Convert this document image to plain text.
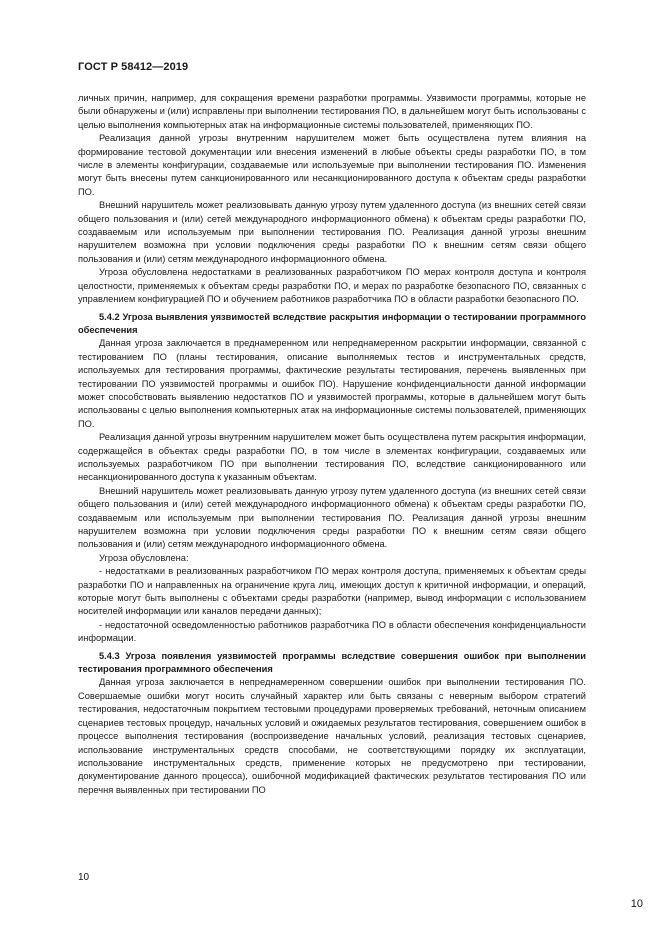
ГОСТ Р 58412—2019

личных причин, например, для сокращения времени разработки программы. Уязвимости программы, которые не были обнаружены и (или) исправлены при выполнении тестирования ПО, в дальнейшем могут быть использованы с целью выполнения компьютерных атак на информационные системы пользователей, применяющих ПО.

Реализация данной угрозы внутренним нарушителем может быть осуществлена путем влияния на формирование тестовой документации или внесения изменений в любые объекты среды разработки ПО, в том числе в элементы конфигурации, создаваемые или используемые при выполнении тестирования ПО. Изменения могут быть внесены путем санкционированного или несанкционированного доступа к объектам среды разработки ПО.

Внешний нарушитель может реализовывать данную угрозу путем удаленного доступа (из внешних сетей связи общего пользования и (или) сетей международного информационного обмена) к объектам среды разработки ПО, создаваемым или используемым при выполнении тестирования ПО. Реализация данной угрозы внешним нарушителем возможна при условии подключения среды разработки ПО к внешним сетям связи общего пользования и (или) сетям международного информационного обмена.

Угроза обусловлена недостатками в реализованных разработчиком ПО мерах контроля доступа и контроля целостности, применяемых к объектам среды разработки ПО, и мерах по разработке безопасного ПО, связанных с управлением конфигурацией ПО и обучением работников разработчика ПО в области разработки безопасного ПО.

5.4.2 Угроза выявления уязвимостей вследствие раскрытия информации о тестировании программного обеспечения

Данная угроза заключается в преднамеренном или непреднамеренном раскрытии информации, связанной с тестированием ПО (планы тестирования, описание выполняемых тестов и инструментальных средств, используемых для тестирования программы, фактические результаты тестирования, перечень выявленных при тестировании ПО уязвимостей программы и ошибок ПО). Нарушение конфиденциальности данной информации может способствовать выявлению недостатков ПО и уязвимостей программы, которые в дальнейшем могут быть использованы с целью выполнения компьютерных атак на информационные системы пользователей, применяющих ПО.

Реализация данной угрозы внутренним нарушителем может быть осуществлена путем раскрытия информации, содержащейся в объектах среды разработки ПО, в том числе в элементах конфигурации, создаваемых или используемых разработчиком ПО при выполнении тестирования ПО, вследствие санкционированного или несанкционированного доступа к указанным объектам.

Внешний нарушитель может реализовывать данную угрозу путем удаленного доступа (из внешних сетей связи общего пользования и (или) сетей международного информационного обмена) к объектам среды разработки ПО, создаваемым или используемым при выполнении тестирования ПО. Реализация данной угрозы внешним нарушителем возможна при условии подключения среды разработки ПО к внешним сетям связи общего пользования и (или) сетям международного информационного обмена.

Угроза обусловлена:

- недостатками в реализованных разработчиком ПО мерах контроля доступа, применяемых к объектам среды разработки ПО и направленных на ограничение круга лиц, имеющих доступ к критичной информации, и операций, которые могут быть выполнены с объектами среды разработки (например, вывод информации с использованием носителей информации или каналов передачи данных);

- недостаточной осведомленностью работников разработчика ПО в области обеспечения конфиденциальности информации.

5.4.3 Угроза появления уязвимостей программы вследствие совершения ошибок при выполнении тестирования программного обеспечения

Данная угроза заключается в непреднамеренном совершении ошибок при выполнении тестирования ПО. Совершаемые ошибки могут носить случайный характер или быть связаны с неверным выбором стратегий тестирования, недостаточным покрытием тестовыми процедурами проверяемых требований, неточным описанием сценариев тестовых процедур, начальных условий и ожидаемых результатов тестирования, совершением ошибок в процессе выполнения тестирования (воспроизведение начальных условий, реализация тестовых сценариев, использование инструментальных средств способами, не соответствующими порядку их эксплуатации, использование инструментальных средств, применение которых не предусмотрено при тестировании, документирование данного процесса), ошибочной модификацией фактических результатов тестирования ПО или перечня выявленных при тестировании ПО

10
10
